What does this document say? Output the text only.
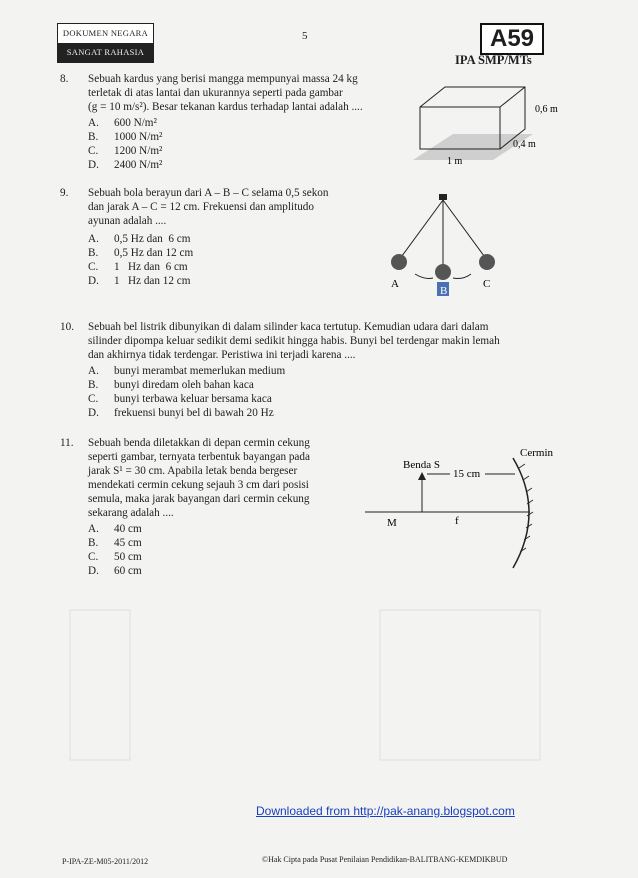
DOKUMEN NEGARA
SANGAT RAHASIA
5	A59
IPA SMP/MTs
8.	Sebuah kardus yang berisi mangga mempunyai massa 24 kg
terletak di atas lantai dan ukurannya seperti pada gambar
(g = 10 m/s²). Besar tekanan kardus terhadap lantai adalah ....
A. 600 N/m²
B. 1000 N/m²
C. 1200 N/m²
D. 2400 N/m²
0,6 m
0,4 m
1 m
9.	Sebuah bola berayun dari A – B – C selama 0,5 sekon
dan jarak A – C = 12 cm. Frekuensi dan amplitudo
ayunan adalah ....
A. 0,5 Hz dan  6 cm
B. 0,5 Hz dan 12 cm
C. 1   Hz dan  6 cm
D. 1   Hz dan 12 cm	A
B
C
10.	Sebuah bel listrik dibunyikan di dalam silinder kaca tertutup. Kemudian udara dari dalam
silinder dipompa keluar sedikit demi sedikit hingga habis. Bunyi bel terdengar makin lemah
dan akhirnya tidak terdengar. Peristiwa ini terjadi karena ....
A. bunyi merambat memerlukan medium
B. bunyi diredam oleh bahan kaca
C. bunyi terbawa keluar bersama kaca
D. frekuensi bunyi bel di bawah 20 Hz
11.	Sebuah benda diletakkan di depan cermin cekung
seperti gambar, ternyata terbentuk bayangan pada
jarak S¹ = 30 cm. Apabila letak benda bergeser
mendekati cermin cekung sejauh 3 cm dari posisi
semula, maka jarak bayangan dari cermin cekung
sekarang adalah ....
A. 40 cm
B. 45 cm
C. 50 cm
D. 60 cm
Benda S
15 cm
Cermin
M	f
Downloaded from http://pak-anang.blogspot.com
P-IPA-ZE-M05-2011/2012	©Hak Cipta pada Pusat Penilaian Pendidikan-BALITBANG-KEMDIKBUD
